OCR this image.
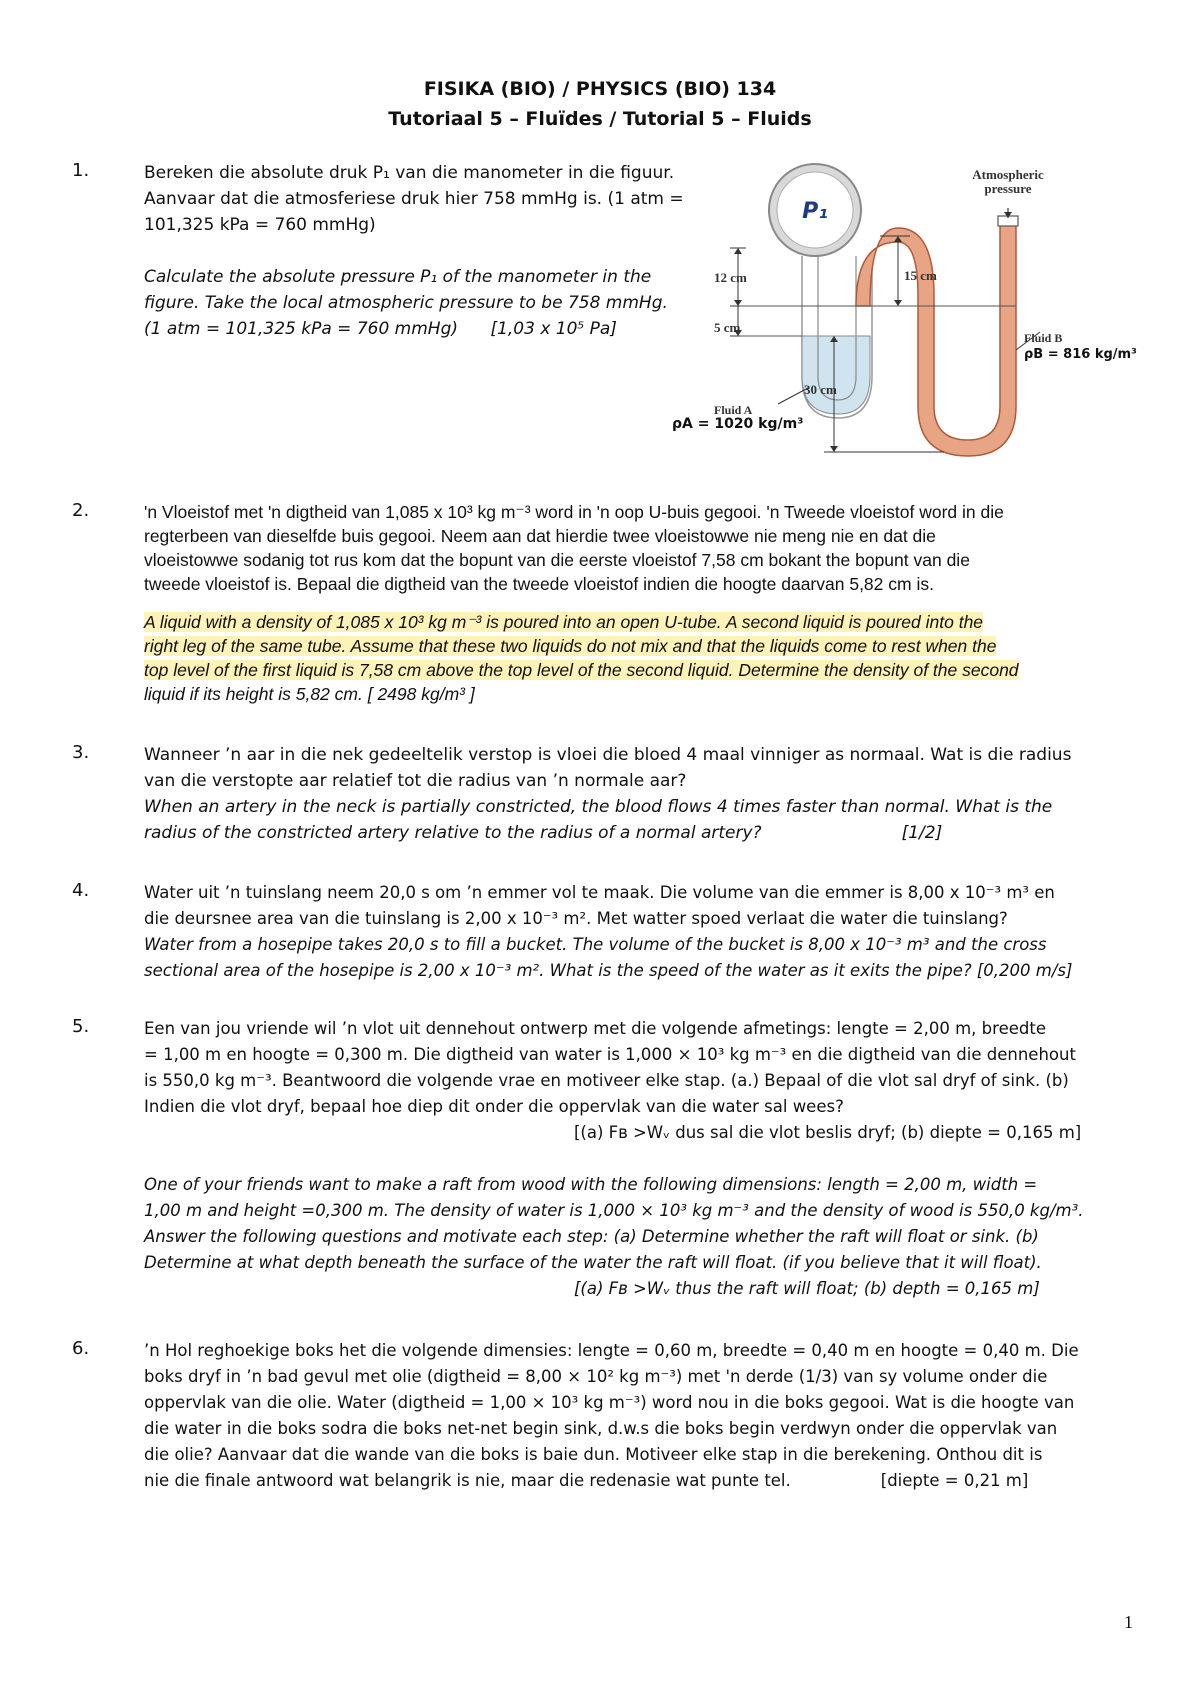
FISIKA (BIO) / PHYSICS (BIO) 134
Tutoriaal 5 – Fluïdes / Tutorial 5 – Fluids
1.	Bereken die absolute druk P₁ van die manometer in die figuur.

Aanvaar dat die atmosferiese druk hier 758 mmHg is. (1 atm =

101,325 kPa = 760 mmHg)

Calculate the absolute pressure P₁ of the manometer in the

figure. Take the local atmospheric pressure to be 758 mmHg.

(1 atm = 101,325 kPa = 760 mmHg) [1,03 x 10⁵ Pa]

P₁
Atmospheric
pressure
12 cm
5 cm
15 cm
30 cm
Fluid A
ρA = 1020 kg/m³
Fluid B
ρB = 816 kg/m³
2.	'n Vloeistof met 'n digtheid van 1,085 x 10³ kg m⁻³ word in 'n oop U-buis gegooi. 'n Tweede vloeistof word in die

regterbeen van dieselfde buis gegooi. Neem aan dat hierdie twee vloeistowwe nie meng nie en dat die

vloeistowwe sodanig tot rus kom dat the bopunt van die eerste vloeistof 7,58 cm bokant the bopunt van die

tweede vloeistof is. Bepaal die digtheid van the tweede vloeistof indien die hoogte daarvan 5,82 cm is.

A liquid with a density of 1,085 x 10³ kg m⁻³ is poured into an open U-tube. A second liquid is poured into the

right leg of the same tube. Assume that these two liquids do not mix and that the liquids come to rest when the

top level of the first liquid is 7,58 cm above the top level of the second liquid. Determine the density of the second

liquid if its height is 5,82 cm. [ 2498 kg/m³ ]

3.	Wanneer ’n aar in die nek gedeeltelik verstop is vloei die bloed 4 maal vinniger as normaal. Wat is die radius

van die verstopte aar relatief tot die radius van ’n normale aar?

When an artery in the neck is partially constricted, the blood flows 4 times faster than normal. What is the

radius of the constricted artery relative to the radius of a normal artery?	[1/2]

4.	Water uit ’n tuinslang neem 20,0 s om ’n emmer vol te maak. Die volume van die emmer is 8,00 x 10⁻³ m³ en

die deursnee area van die tuinslang is 2,00 x 10⁻³ m². Met watter spoed verlaat die water die tuinslang?

Water from a hosepipe takes 20,0 s to fill a bucket. The volume of the bucket is 8,00 x 10⁻³ m³ and the cross

sectional area of the hosepipe is 2,00 x 10⁻³ m². What is the speed of the water as it exits the pipe? [0,200 m/s]

5.	Een van jou vriende wil ’n vlot uit dennehout ontwerp met die volgende afmetings: lengte = 2,00 m, breedte

= 1,00 m en hoogte = 0,300 m. Die digtheid van water is 1,000 × 10³ kg m⁻³ en die digtheid van die dennehout

is 550,0 kg m⁻³. Beantwoord die volgende vrae en motiveer elke stap. (a.) Bepaal of die vlot sal dryf of sink. (b)

Indien die vlot dryf, bepaal hoe diep dit onder die oppervlak van die water sal wees?

[(a) Fʙ >Wᵥ dus sal die vlot beslis dryf; (b) diepte = 0,165 m]

One of your friends want to make a raft from wood with the following dimensions: length = 2,00 m, width =

1,00 m and height =0,300 m. The density of water is 1,000 × 10³ kg m⁻³ and the density of wood is 550,0 kg/m³.

Answer the following questions and motivate each step: (a) Determine whether the raft will float or sink. (b)

Determine at what depth beneath the surface of the water the raft will float. (if you believe that it will float).

[(a) Fʙ >Wᵥ thus the raft will float; (b) depth = 0,165 m]

6.	’n Hol reghoekige boks het die volgende dimensies: lengte = 0,60 m, breedte = 0,40 m en hoogte = 0,40 m. Die

boks dryf in ’n bad gevul met olie (digtheid = 8,00 × 10² kg m⁻³) met 'n derde (1/3) van sy volume onder die

oppervlak van die olie. Water (digtheid = 1,00 × 10³ kg m⁻³) word nou in die boks gegooi. Wat is die hoogte van

die water in die boks sodra die boks net-net begin sink, d.w.s die boks begin verdwyn onder die oppervlak van

die olie? Aanvaar dat die wande van die boks is baie dun. Motiveer elke stap in die berekening. Onthou dit is

nie die finale antwoord wat belangrik is nie, maar die redenasie wat punte tel.	[diepte = 0,21 m]

1
